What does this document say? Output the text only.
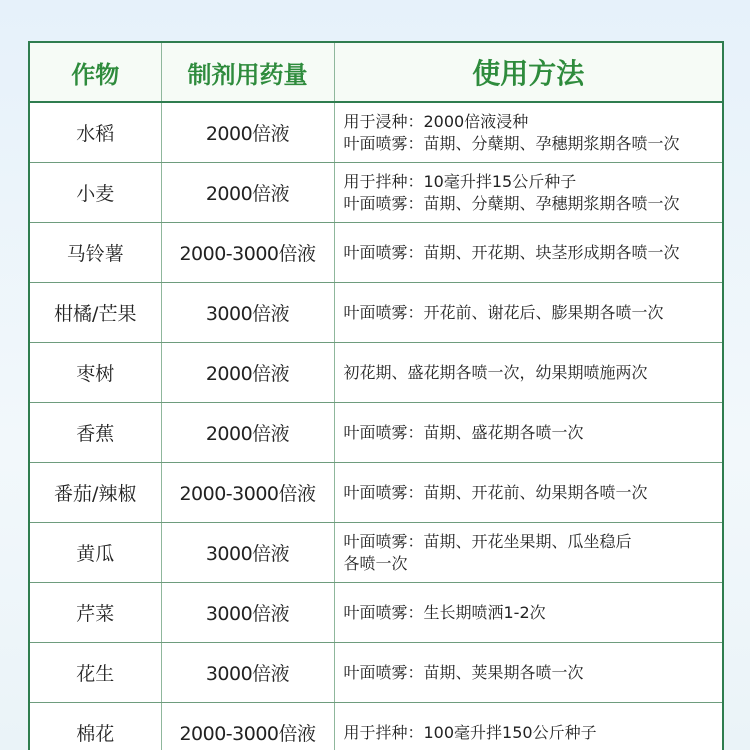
作物	制剂用药量	使用方法
水稻	2000倍液	用于浸种：2000倍液浸种
叶面喷雾：苗期、分蘖期、孕穗期浆期各喷一次

小麦	2000倍液	用于拌种：10毫升拌15公斤种子
叶面喷雾：苗期、分蘖期、孕穗期浆期各喷一次

马铃薯	2000-3000倍液	叶面喷雾：苗期、开花期、块茎形成期各喷一次

柑橘/芒果	3000倍液	叶面喷雾：开花前、谢花后、膨果期各喷一次

枣树	2000倍液	初花期、盛花期各喷一次，幼果期喷施两次

香蕉	2000倍液	叶面喷雾：苗期、盛花期各喷一次

番茄/辣椒	2000-3000倍液	叶面喷雾：苗期、开花前、幼果期各喷一次

黄瓜	3000倍液	叶面喷雾：苗期、开花坐果期、瓜坐稳后
各喷一次

芹菜	3000倍液	叶面喷雾：生长期喷洒1-2次

花生	3000倍液	叶面喷雾：苗期、荚果期各喷一次

棉花	2000-3000倍液	用于拌种：100毫升拌150公斤种子
